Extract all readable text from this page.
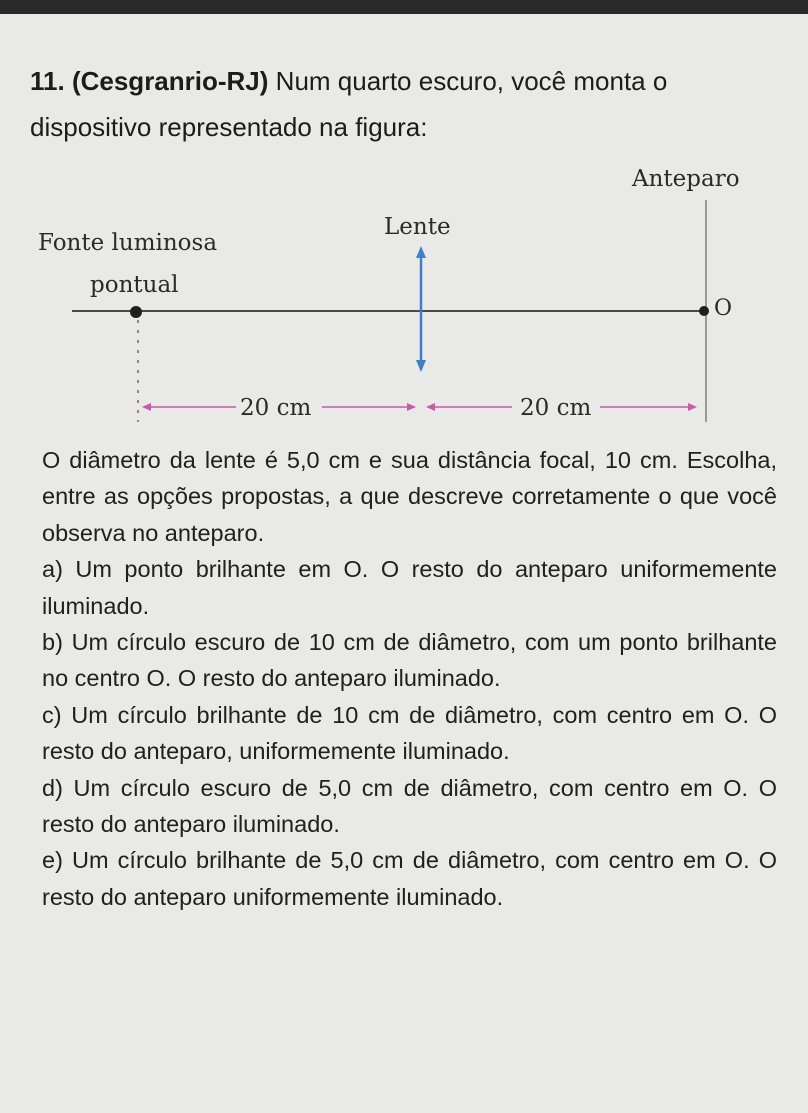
11. (Cesgranrio-RJ) Num quarto escuro, você monta o dispositivo representado na figura:
Anteparo
Lente
Fonte luminosa
pontual
O
20 cm	20 cm

O diâmetro da lente é 5,0 cm e sua distância focal, 10 cm. Escolha, entre as opções propostas, a que descreve corretamente o que você observa no anteparo.

a) Um ponto brilhante em O. O resto do anteparo uniformemente iluminado.

b) Um círculo escuro de 10 cm de diâmetro, com um ponto brilhante no centro O. O resto do anteparo iluminado.

c) Um círculo brilhante de 10 cm de diâmetro, com centro em O. O resto do anteparo, uniformemente iluminado.

d) Um círculo escuro de 5,0 cm de diâmetro, com centro em O. O resto do anteparo iluminado.

e) Um círculo brilhante de 5,0 cm de diâmetro, com centro em O. O resto do anteparo uniformemente iluminado.
